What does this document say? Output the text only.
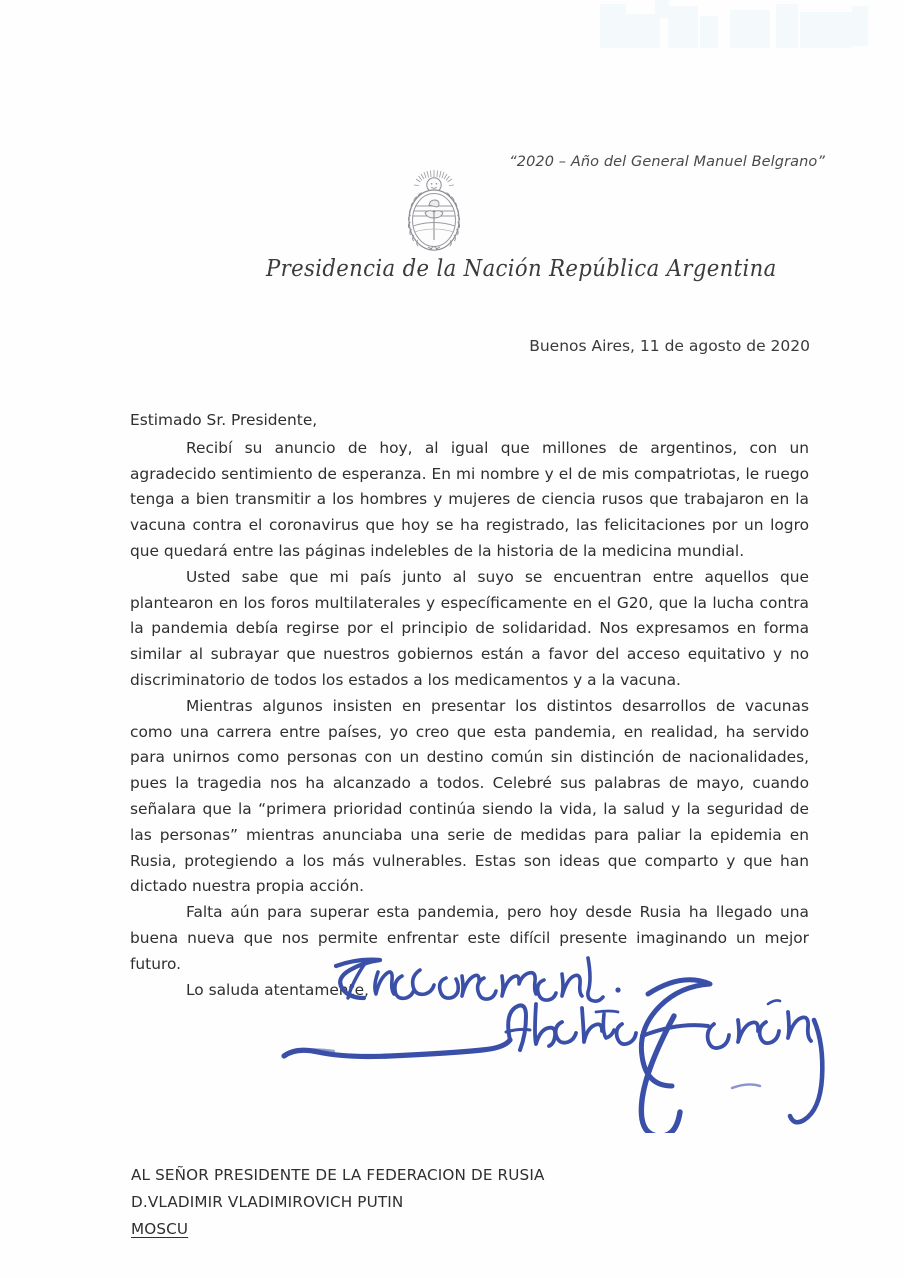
“2020 – Año del General Manuel Belgrano”
Presidencia de la Nación República Argentina
Buenos Aires, 11 de agosto de 2020

Estimado Sr. Presidente,

Recibí su anuncio de hoy, al igual que millones de argentinos, con un agradecido sentimiento de esperanza. En mi nombre y el de mis compatriotas, le ruego tenga a bien transmitir a los hombres y mujeres de ciencia rusos que trabajaron en la vacuna contra el coronavirus que hoy se ha registrado, las felicitaciones por un logro que quedará entre las páginas indelebles de la historia de la medicina mundial.

Usted sabe que mi país junto al suyo se encuentran entre aquellos que plantearon en los foros multilaterales y específicamente en el G20, que la lucha contra la pandemia debía regirse por el principio de solidaridad. Nos expresamos en forma similar al subrayar que nuestros gobiernos están a favor del acceso equitativo y no discriminatorio de todos los estados a los medicamentos y a la vacuna.

Mientras algunos insisten en presentar los distintos desarrollos de vacunas como una carrera entre países, yo creo que esta pandemia, en realidad, ha servido para unirnos como personas con un destino común sin distinción de nacionalidades, pues la tragedia nos ha alcanzado a todos. Celebré sus palabras de mayo, cuando señalara que la “primera prioridad continúa siendo la vida, la salud y la seguridad de las personas” mientras anunciaba una serie de medidas para paliar la epidemia en Rusia, protegiendo a los más vulnerables. Estas son ideas que comparto y que han dictado nuestra propia acción.

Falta aún para superar esta pandemia, pero hoy desde Rusia ha llegado una buena nueva que nos permite enfrentar este difícil presente imaginando un mejor futuro.

Lo saluda atentamente,

AL SEÑOR PRESIDENTE DE LA FEDERACION DE RUSIA
D.VLADIMIR VLADIMIROVICH PUTIN
MOSCU
